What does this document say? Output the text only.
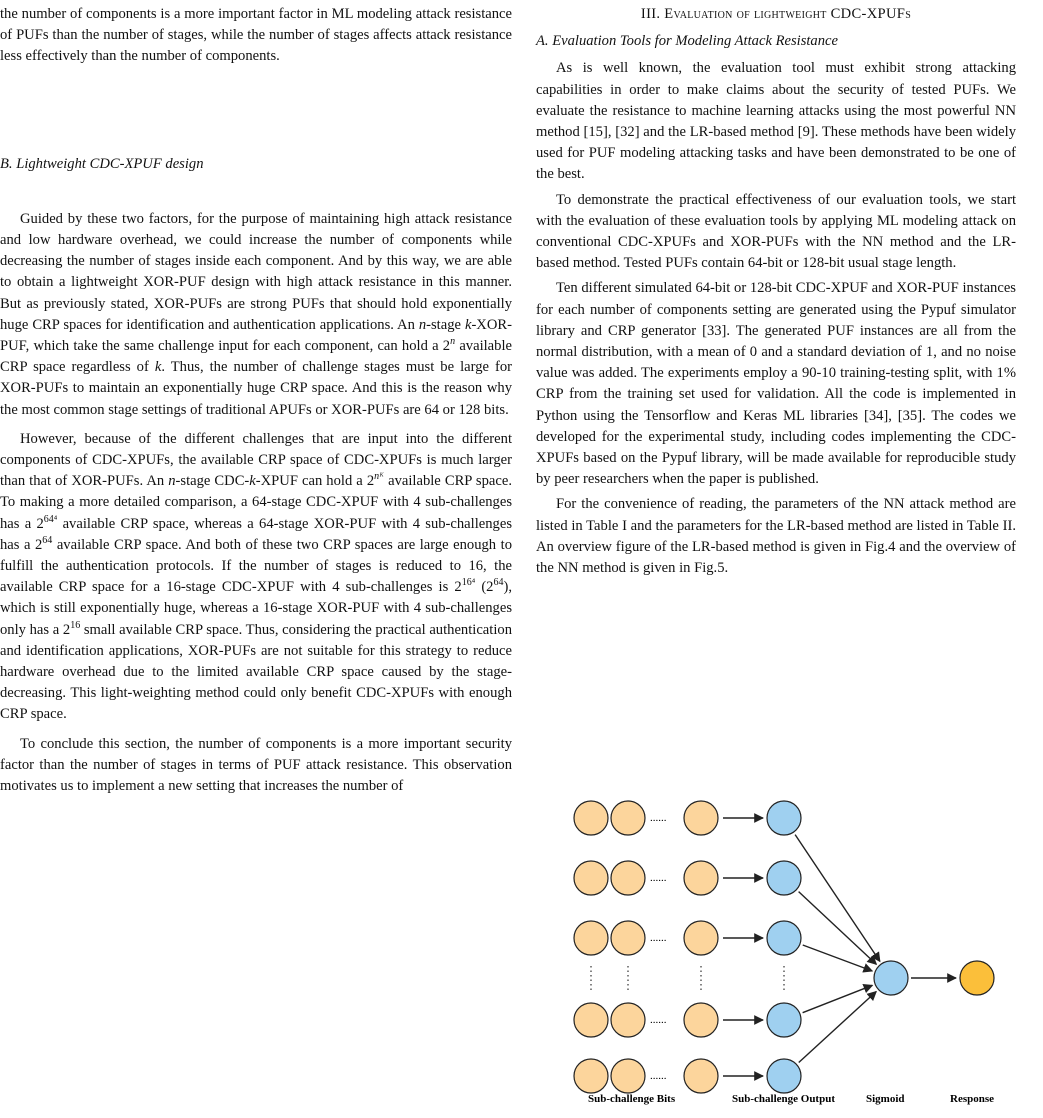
the number of components is a more important factor in ML modeling attack resistance of PUFs than the number of stages, while the number of stages affects attack resistance less effectively than the number of components.

B. Lightweight CDC-XPUF design

Guided by these two factors, for the purpose of maintaining high attack resistance and low hardware overhead, we could increase the number of components while decreasing the number of stages inside each component. And by this way, we are able to obtain a lightweight XOR-PUF design with high attack resistance in this manner. But as previously stated, XOR-PUFs are strong PUFs that should hold exponentially huge CRP spaces for identification and authentication applications. An n-stage k-XOR-PUF, which take the same challenge input for each component, can hold a 2$^n$ available CRP space regardless of k. Thus, the number of challenge stages must be large for XOR-PUFs to maintain an exponentially huge CRP space. And this is the reason why the most common stage settings of traditional APUFs or XOR-PUFs are 64 or 128 bits.

However, because of the different challenges that are input into the different components of CDC-XPUFs, the available CRP space of CDC-XPUFs is much larger than that of XOR-PUFs. An n-stage CDC-k-XPUF can hold a $2^{nᴷ}$ available CRP space. To making a more detailed comparison, a 64-stage CDC-XPUF with 4 sub-challenges has a $2^{64^4}$ available CRP space, whereas a 64-stage XOR-PUF with 4 sub-challenges has a $2^{64}$ available CRP space. And both of these two CRP spaces are large enough to fulfill the authentication protocols. If the number of stages is reduced to 16, the available CRP space for a 16-stage CDC-XPUF with 4 sub-challenges is $2^{16^4}$ $(2^{64})$, which is still exponentially huge, whereas a 16-stage XOR-PUF with 4 sub-challenges only has a $2^{16}$ small available CRP space. Thus, considering the practical authentication and identification applications, XOR-PUFs are not suitable for this strategy to reduce hardware overhead due to the limited available CRP space caused by the stage-decreasing. This light-weighting method could only benefit CDC-XPUFs with enough CRP space.

To conclude this section, the number of components is a more important security factor than the number of stages in terms of PUF attack resistance. This observation motivates us to implement a new setting that increases the number of

III. Evaluation of lightweight CDC-XPUFs
A. Evaluation Tools for Modeling Attack Resistance

As is well known, the evaluation tool must exhibit strong attacking capabilities in order to make claims about the security of tested PUFs. We evaluate the resistance to machine learning attacks using the most powerful NN method [15], [32] and the LR-based method [9]. These methods have been widely used for PUF modeling attacking tasks and have been demonstrated to be one of the best.

To demonstrate the practical effectiveness of our evaluation tools, we start with the evaluation of these evaluation tools by applying ML modeling attack on conventional CDC-XPUFs and XOR-PUFs with the NN method and the LR-based method. Tested PUFs contain 64-bit or 128-bit usual stage length.

Ten different simulated 64-bit or 128-bit CDC-XPUF and XOR-PUF instances for each number of components setting are generated using the Pypuf simulator library and CRP generator [33]. The generated PUF instances are all from the normal distribution, with a mean of 0 and a standard deviation of 1, and no noise value was added. The experiments employ a 90-10 training-testing split, with 1% CRP from the training set used for validation. All the code is implemented in Python using the Tensorflow and Keras ML libraries [34], [35]. The codes we developed for the experimental study, including codes implementing the CDC-XPUFs based on the Pypuf library, will be made available for reproducible study by peer researchers when the paper is published.

For the convenience of reading, the parameters of the NN attack method are listed in Table I and the parameters for the LR-based method are listed in Table II. An overview figure of the LR-based method is given in Fig.4 and the overview of the NN method is given in Fig.5.

......
......
......
......
......
Sub-challenge Bits	Sub-challenge Output	Sigmoid	Response
